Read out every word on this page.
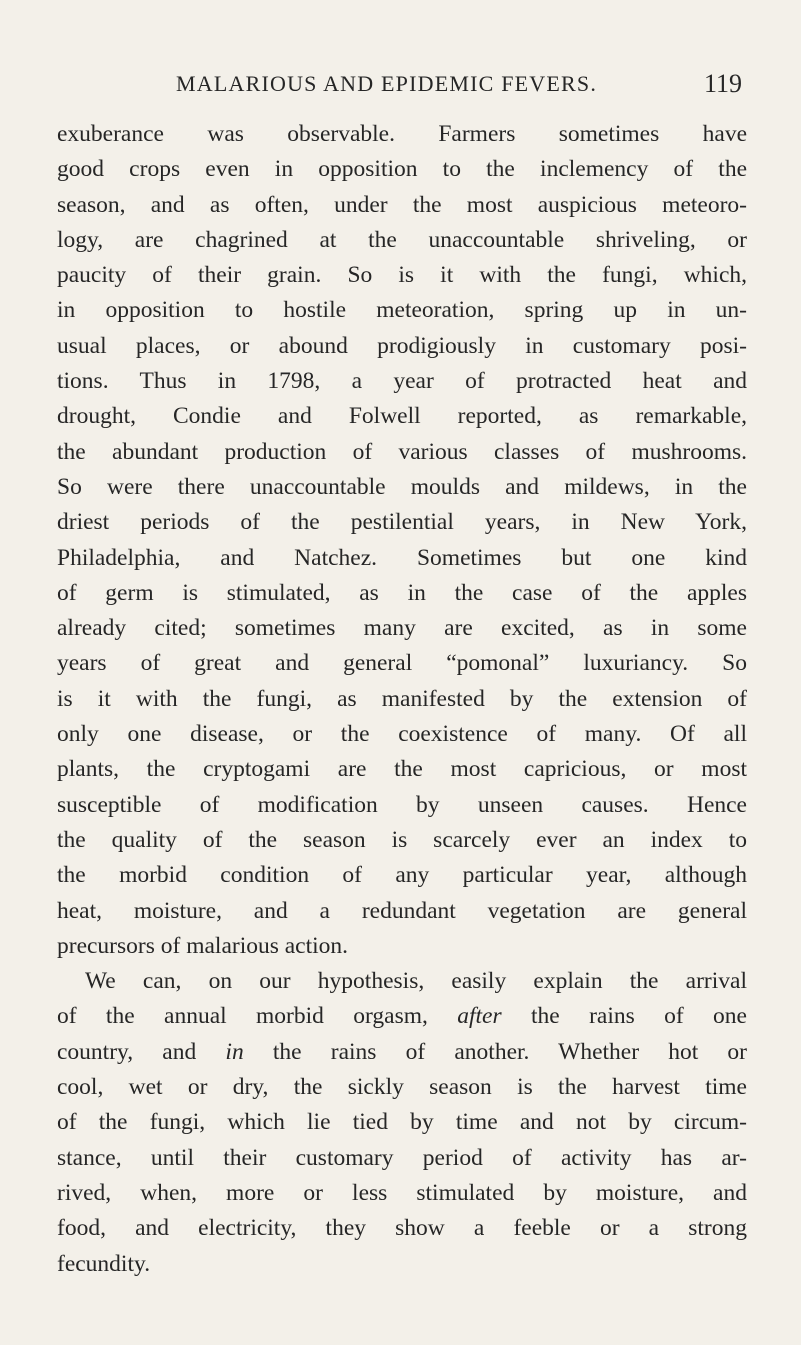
MALARIOUS AND EPIDEMIC FEVERS.	119
exuberance was observable. Farmers sometimes have
good crops even in opposition to the inclemency of the
season, and as often, under the most auspicious meteoro-
logy, are chagrined at the unaccountable shriveling, or
paucity of their grain. So is it with the fungi, which,
in opposition to hostile meteoration, spring up in un-
usual places, or abound prodigiously in customary posi-
tions. Thus in 1798, a year of protracted heat and
drought, Condie and Folwell reported, as remarkable,
the abundant production of various classes of mushrooms.
So were there unaccountable moulds and mildews, in the
driest periods of the pestilential years, in New York,
Philadelphia, and Natchez. Sometimes but one kind
of germ is stimulated, as in the case of the apples
already cited; sometimes many are excited, as in some
years of great and general “pomonal” luxuriancy. So
is it with the fungi, as manifested by the extension of
only one disease, or the coexistence of many. Of all
plants, the cryptogami are the most capricious, or most
susceptible of modification by unseen causes. Hence
the quality of the season is scarcely ever an index to
the morbid condition of any particular year, although
heat, moisture, and a redundant vegetation are general
precursors of malarious action.
We can, on our hypothesis, easily explain the arrival
of the annual morbid orgasm, after the rains of one
country, and in the rains of another. Whether hot or
cool, wet or dry, the sickly season is the harvest time
of the fungi, which lie tied by time and not by circum-
stance, until their customary period of activity has ar-
rived, when, more or less stimulated by moisture, and
food, and electricity, they show a feeble or a strong
fecundity.
